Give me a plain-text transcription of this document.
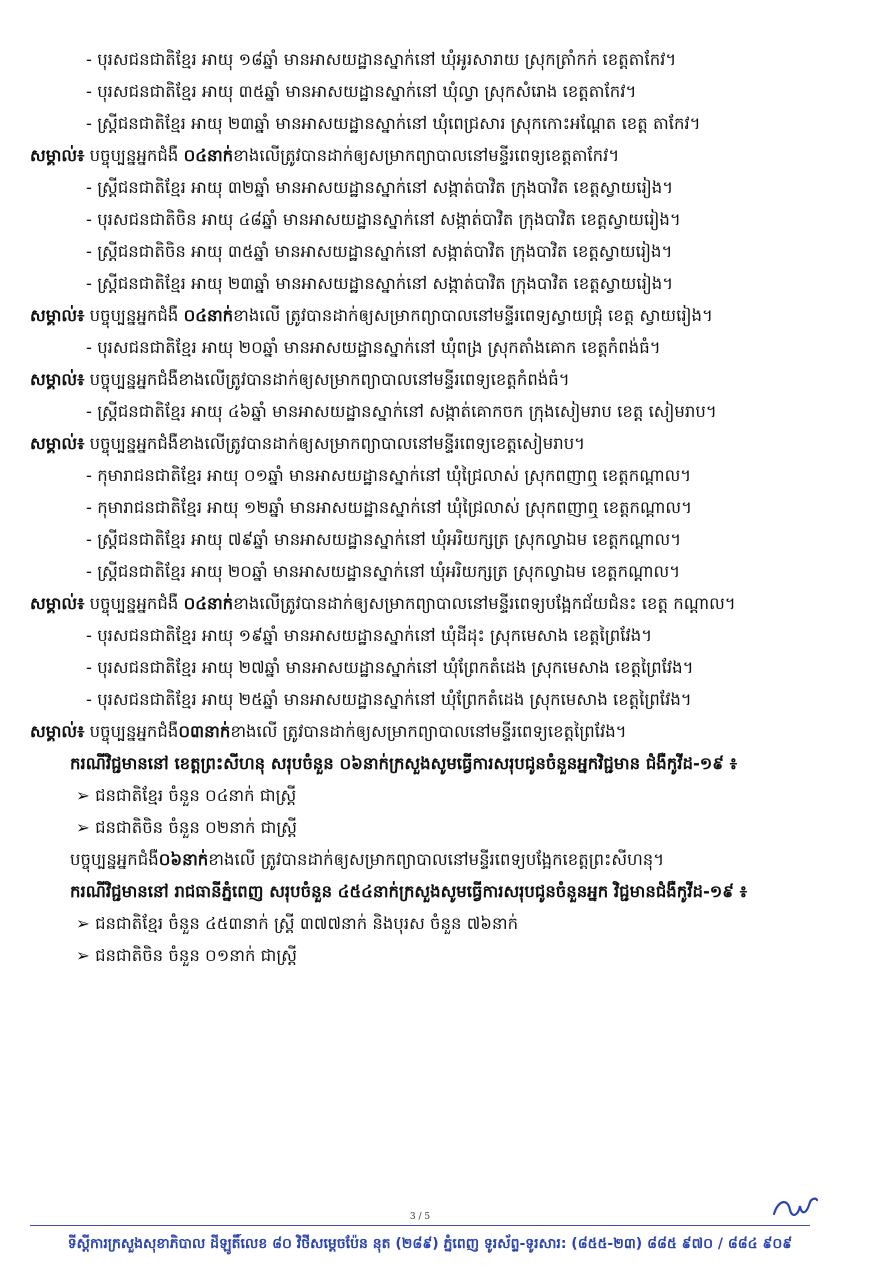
- បុរសជនជាតិខ្មែរ អាយុ ១៨ឆ្នាំ មានអាសយដ្ឋានស្នាក់នៅ ឃុំអូរសារាយ ស្រុកត្រាំកក់ ខេត្តតាកែវ។
- បុរសជនជាតិខ្មែរ អាយុ ៣៥ឆ្នាំ មានអាសយដ្ឋានស្នាក់នៅ ឃុំល្វា ស្រុកសំរោង ខេត្តតាកែវ។
- ស្ត្រីជនជាតិខ្មែរ អាយុ ២៣ឆ្នាំ មានអាសយដ្ឋានស្នាក់នៅ ឃុំពេជ្រសារ ស្រុកកោះអណ្តែត ខេត្ត តាកែវ។
សម្គាល់៖ បច្ចុប្បន្នអ្នកជំងឺ ០៤នាក់ខាងលើត្រូវបានដាក់ឲ្យសម្រាកព្យាបាលនៅមន្ទីរពេទ្យខេត្តតាកែវ។
- ស្ត្រីជនជាតិខ្មែរ អាយុ ៣២ឆ្នាំ មានអាសយដ្ឋានស្នាក់នៅ សង្កាត់បាវិត ក្រុងបាវិត ខេត្តស្វាយរៀង។
- បុរសជនជាតិចិន អាយុ ៤៨ឆ្នាំ មានអាសយដ្ឋានស្នាក់នៅ សង្កាត់បាវិត ក្រុងបាវិត ខេត្តស្វាយរៀង។
- ស្ត្រីជនជាតិចិន អាយុ ៣៥ឆ្នាំ មានអាសយដ្ឋានស្នាក់នៅ សង្កាត់បាវិត ក្រុងបាវិត ខេត្តស្វាយរៀង។
- ស្ត្រីជនជាតិខ្មែរ អាយុ ២៣ឆ្នាំ មានអាសយដ្ឋានស្នាក់នៅ សង្កាត់បាវិត ក្រុងបាវិត ខេត្តស្វាយរៀង។
សម្គាល់៖ បច្ចុប្បន្នអ្នកជំងឺ ០៤នាក់ខាងលើ ត្រូវបានដាក់ឲ្យសម្រាកព្យាបាលនៅមន្ទីរពេទ្យស្វាយជ្រុំ ខេត្ត ស្វាយរៀង។
- បុរសជនជាតិខ្មែរ អាយុ ២០ឆ្នាំ មានអាសយដ្ឋានស្នាក់នៅ ឃុំពង្រ ស្រុកតាំងគោក ខេត្តកំពង់ធំ។
សម្គាល់៖ បច្ចុប្បន្នអ្នកជំងឺខាងលើត្រូវបានដាក់ឲ្យសម្រាកព្យាបាលនៅមន្ទីរពេទ្យខេត្តកំពង់ធំ។
- ស្ត្រីជនជាតិខ្មែរ អាយុ ៤៦ឆ្នាំ មានអាសយដ្ឋានស្នាក់នៅ សង្កាត់គោកចក ក្រុងសៀមរាប ខេត្ត សៀមរាប។
សម្គាល់៖ បច្ចុប្បន្នអ្នកជំងឺខាងលើត្រូវបានដាក់ឲ្យសម្រាកព្យាបាលនៅមន្ទីរពេទ្យខេត្តសៀមរាប។
- កុមារាជនជាតិខ្មែរ អាយុ ០១ឆ្នាំ មានអាសយដ្ឋានស្នាក់នៅ ឃុំជ្រៃលាស់ ស្រុកពញាឮ ខេត្តកណ្តាល។
- កុមារាជនជាតិខ្មែរ អាយុ ១២ឆ្នាំ មានអាសយដ្ឋានស្នាក់នៅ ឃុំជ្រៃលាស់ ស្រុកពញាឮ ខេត្តកណ្តាល។
- ស្ត្រីជនជាតិខ្មែរ អាយុ ៧៩ឆ្នាំ មានអាសយដ្ឋានស្នាក់នៅ ឃុំអរិយក្សត្រ ស្រុកល្វាឯម ខេត្តកណ្តាល។
- ស្ត្រីជនជាតិខ្មែរ អាយុ ២០ឆ្នាំ មានអាសយដ្ឋានស្នាក់នៅ ឃុំអរិយក្សត្រ ស្រុកល្វាឯម ខេត្តកណ្តាល។
សម្គាល់៖ បច្ចុប្បន្នអ្នកជំងឺ ០៤នាក់ខាងលើត្រូវបានដាក់ឲ្យសម្រាកព្យាបាលនៅមន្ទីរពេទ្យបង្អែកជ័យជំនះ ខេត្ត កណ្តាល។
- បុរសជនជាតិខ្មែរ អាយុ ១៩ឆ្នាំ មានអាសយដ្ឋានស្នាក់នៅ ឃុំដីដុះ ស្រុកមេសាង ខេត្តព្រៃវែង។
- បុរសជនជាតិខ្មែរ អាយុ ២៧ឆ្នាំ មានអាសយដ្ឋានស្នាក់នៅ ឃុំព្រែកតំដេង ស្រុកមេសាង ខេត្តព្រៃវែង។
- បុរសជនជាតិខ្មែរ អាយុ ២៥ឆ្នាំ មានអាសយដ្ឋានស្នាក់នៅ ឃុំព្រែកតំដេង ស្រុកមេសាង ខេត្តព្រៃវែង។
សម្គាល់៖ បច្ចុប្បន្នអ្នកជំងឺ០៣នាក់ខាងលើ ត្រូវបានដាក់ឲ្យសម្រាកព្យាបាលនៅមន្ទីរពេទ្យខេត្តព្រៃវែង។
ករណីវិជ្ជមាននៅ ខេត្តព្រះសីហនុ សរុបចំនួន ០៦នាក់ក្រសួងសូមធ្វើការសរុបជូនចំនួនអ្នកវិជ្ជមាន ជំងឺកូវីដ-១៩ ៖
➢ ជនជាតិខ្មែរ ចំនួន ០៤នាក់ ជាស្ត្រី
➢ ជនជាតិចិន ចំនួន ០២នាក់ ជាស្ត្រី
បច្ចុប្បន្នអ្នកជំងឺ០៦នាក់ខាងលើ ត្រូវបានដាក់ឲ្យសម្រាកព្យាបាលនៅមន្ទីរពេទ្យបង្អែកខេត្តព្រះសីហនុ។
ករណីវិជ្ជមាននៅ រាជធានីភ្នំពេញ សរុបចំនួន ៤៥៤នាក់ក្រសួងសូមធ្វើការសរុបជូនចំនួនអ្នក វិជ្ជមានជំងឺកូវីដ-១៩ ៖
➢ ជនជាតិខ្មែរ ចំនួន ៤៥៣នាក់ ស្ត្រី ៣៧៧នាក់ និងបុរស ចំនួន ៧៦នាក់
➢ ជនជាតិចិន ចំនួន ០១នាក់ ជាស្ត្រី
3 / 5
ទីស្តីការក្រសួងសុខាភិបាល ដីឡូតិ៍លេខ ៨០ វិថីសម្តេចប៉ែន នុត (២៨៩) ភ្នំពេញ ទូរស័ព្ទ-ទូរសារ: (៨៥៥-២៣) ៨៨៥ ៩៧០ / ៨៨៤ ៩០៩
